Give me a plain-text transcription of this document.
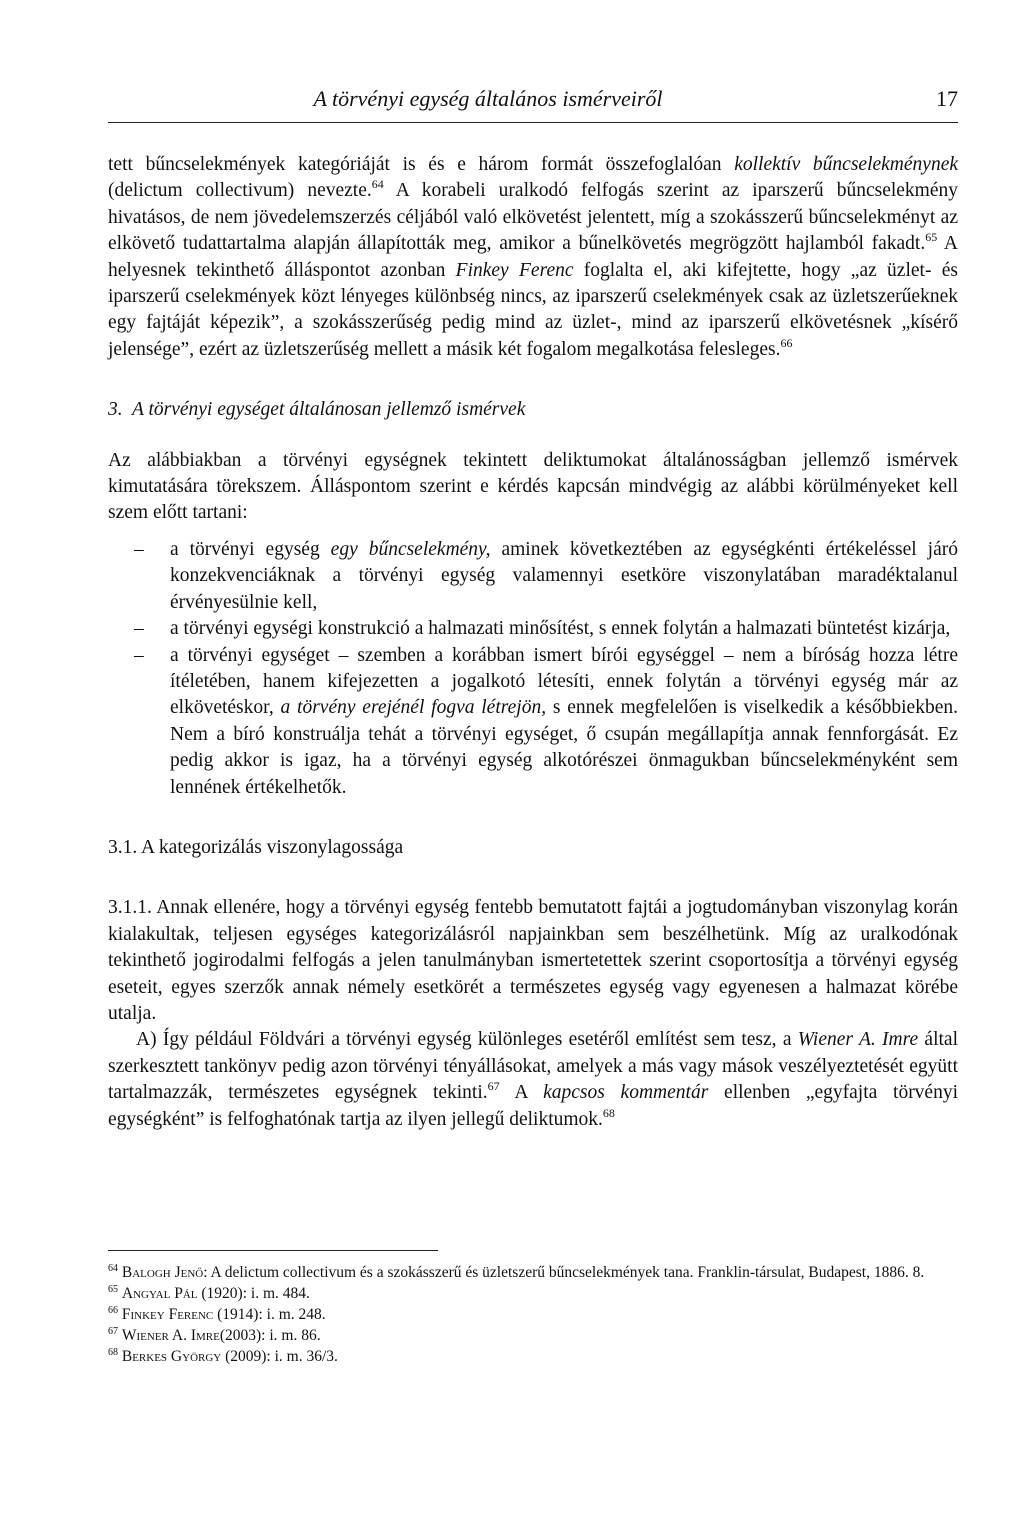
A törvényi egység általános ismérveiről	17

tett bűncselekmények kategóriáját is és e három formát összefoglalóan kollektív bűncselekménynek (delictum collectivum) nevezte.$^{64}$ A korabeli uralkodó felfogás szerint az iparszerű bűncselekmény hivatásos, de nem jövedelemszerzés céljából való elkövetést jelentett, míg a szokásszerű bűncselekményt az elkövető tudattartalma alapján állapították meg, amikor a bűnelkövetés megrögzött hajlamból fakadt.$^{65}$ A helyesnek tekinthető álláspontot azonban Finkey Ferenc foglalta el, aki kifejtette, hogy „az üzlet- és iparszerű cselekmények közt lényeges különbség nincs, az iparszerű cselekmények csak az üzletszerűeknek egy fajtáját képezik”, a szokásszerűség pedig mind az üzlet-, mind az iparszerű elkövetésnek „kísérő jelensége”, ezért az üzletszerűség mellett a másik két fogalom megalkotása felesleges.$^{66}$

3. A törvényi egységet általánosan jellemző ismérvek

Az alábbiakban a törvényi egységnek tekintett deliktumokat általánosságban jellemző ismérvek kimutatására törekszem. Álláspontom szerint e kérdés kapcsán mindvégig az alábbi körülményeket kell szem előtt tartani:

– a törvényi egység egy bűncselekmény, aminek következtében az egységkénti értékeléssel járó konzekvenciáknak a törvényi egység valamennyi esetköre viszonylatában maradéktalanul érvényesülnie kell,
– a törvényi egységi konstrukció a halmazati minősítést, s ennek folytán a halmazati büntetést kizárja,
– a törvényi egységet – szemben a korábban ismert bírói egységgel – nem a bíróság hozza létre ítéletében, hanem kifejezetten a jogalkotó létesíti, ennek folytán a törvényi egység már az elkövetéskor, a törvény erejénél fogva létrejön, s ennek megfelelően is viselkedik a későbbiekben. Nem a bíró konstruálja tehát a törvényi egységet, ő csupán megállapítja annak fennforgását. Ez pedig akkor is igaz, ha a törvényi egység alkotórészei önmagukban bűncselekményként sem lennének értékelhetők.

3.1. A kategorizálás viszonylagossága

3.1.1. Annak ellenére, hogy a törvényi egység fentebb bemutatott fajtái a jogtudományban viszonylag korán kialakultak, teljesen egységes kategorizálásról napjainkban sem beszélhetünk. Míg az uralkodónak tekinthető jogirodalmi felfogás a jelen tanulmányban ismertetettek szerint csoportosítja a törvényi egység eseteit, egyes szerzők annak némely esetkörét a természetes egység vagy egyenesen a halmazat körébe utalja.

A) Így például Földvári a törvényi egység különleges esetéről említést sem tesz, a Wiener A. Imre által szerkesztett tankönyv pedig azon törvényi tényállásokat, amelyek a más vagy mások veszélyeztetését együtt tartalmazzák, természetes egységnek tekinti.$^{67}$ A kapcsos kommentár ellenben „egyfajta törvényi egységként” is felfoghatónak tartja az ilyen jellegű deliktumok.$^{68}$

$^{64}$ Balogh Jenő: A delictum collectivum és a szokásszerű és üzletszerű bűncselekmények tana. Franklin-társulat, Budapest, 1886. 8.

$^{65}$ Angyal Pál (1920): i. m. 484.

$^{66}$ Finkey Ferenc (1914): i. m. 248.

$^{67}$ Wiener A. Imre(2003): i. m. 86.

$^{68}$ Berkes György (2009): i. m. 36/3.
